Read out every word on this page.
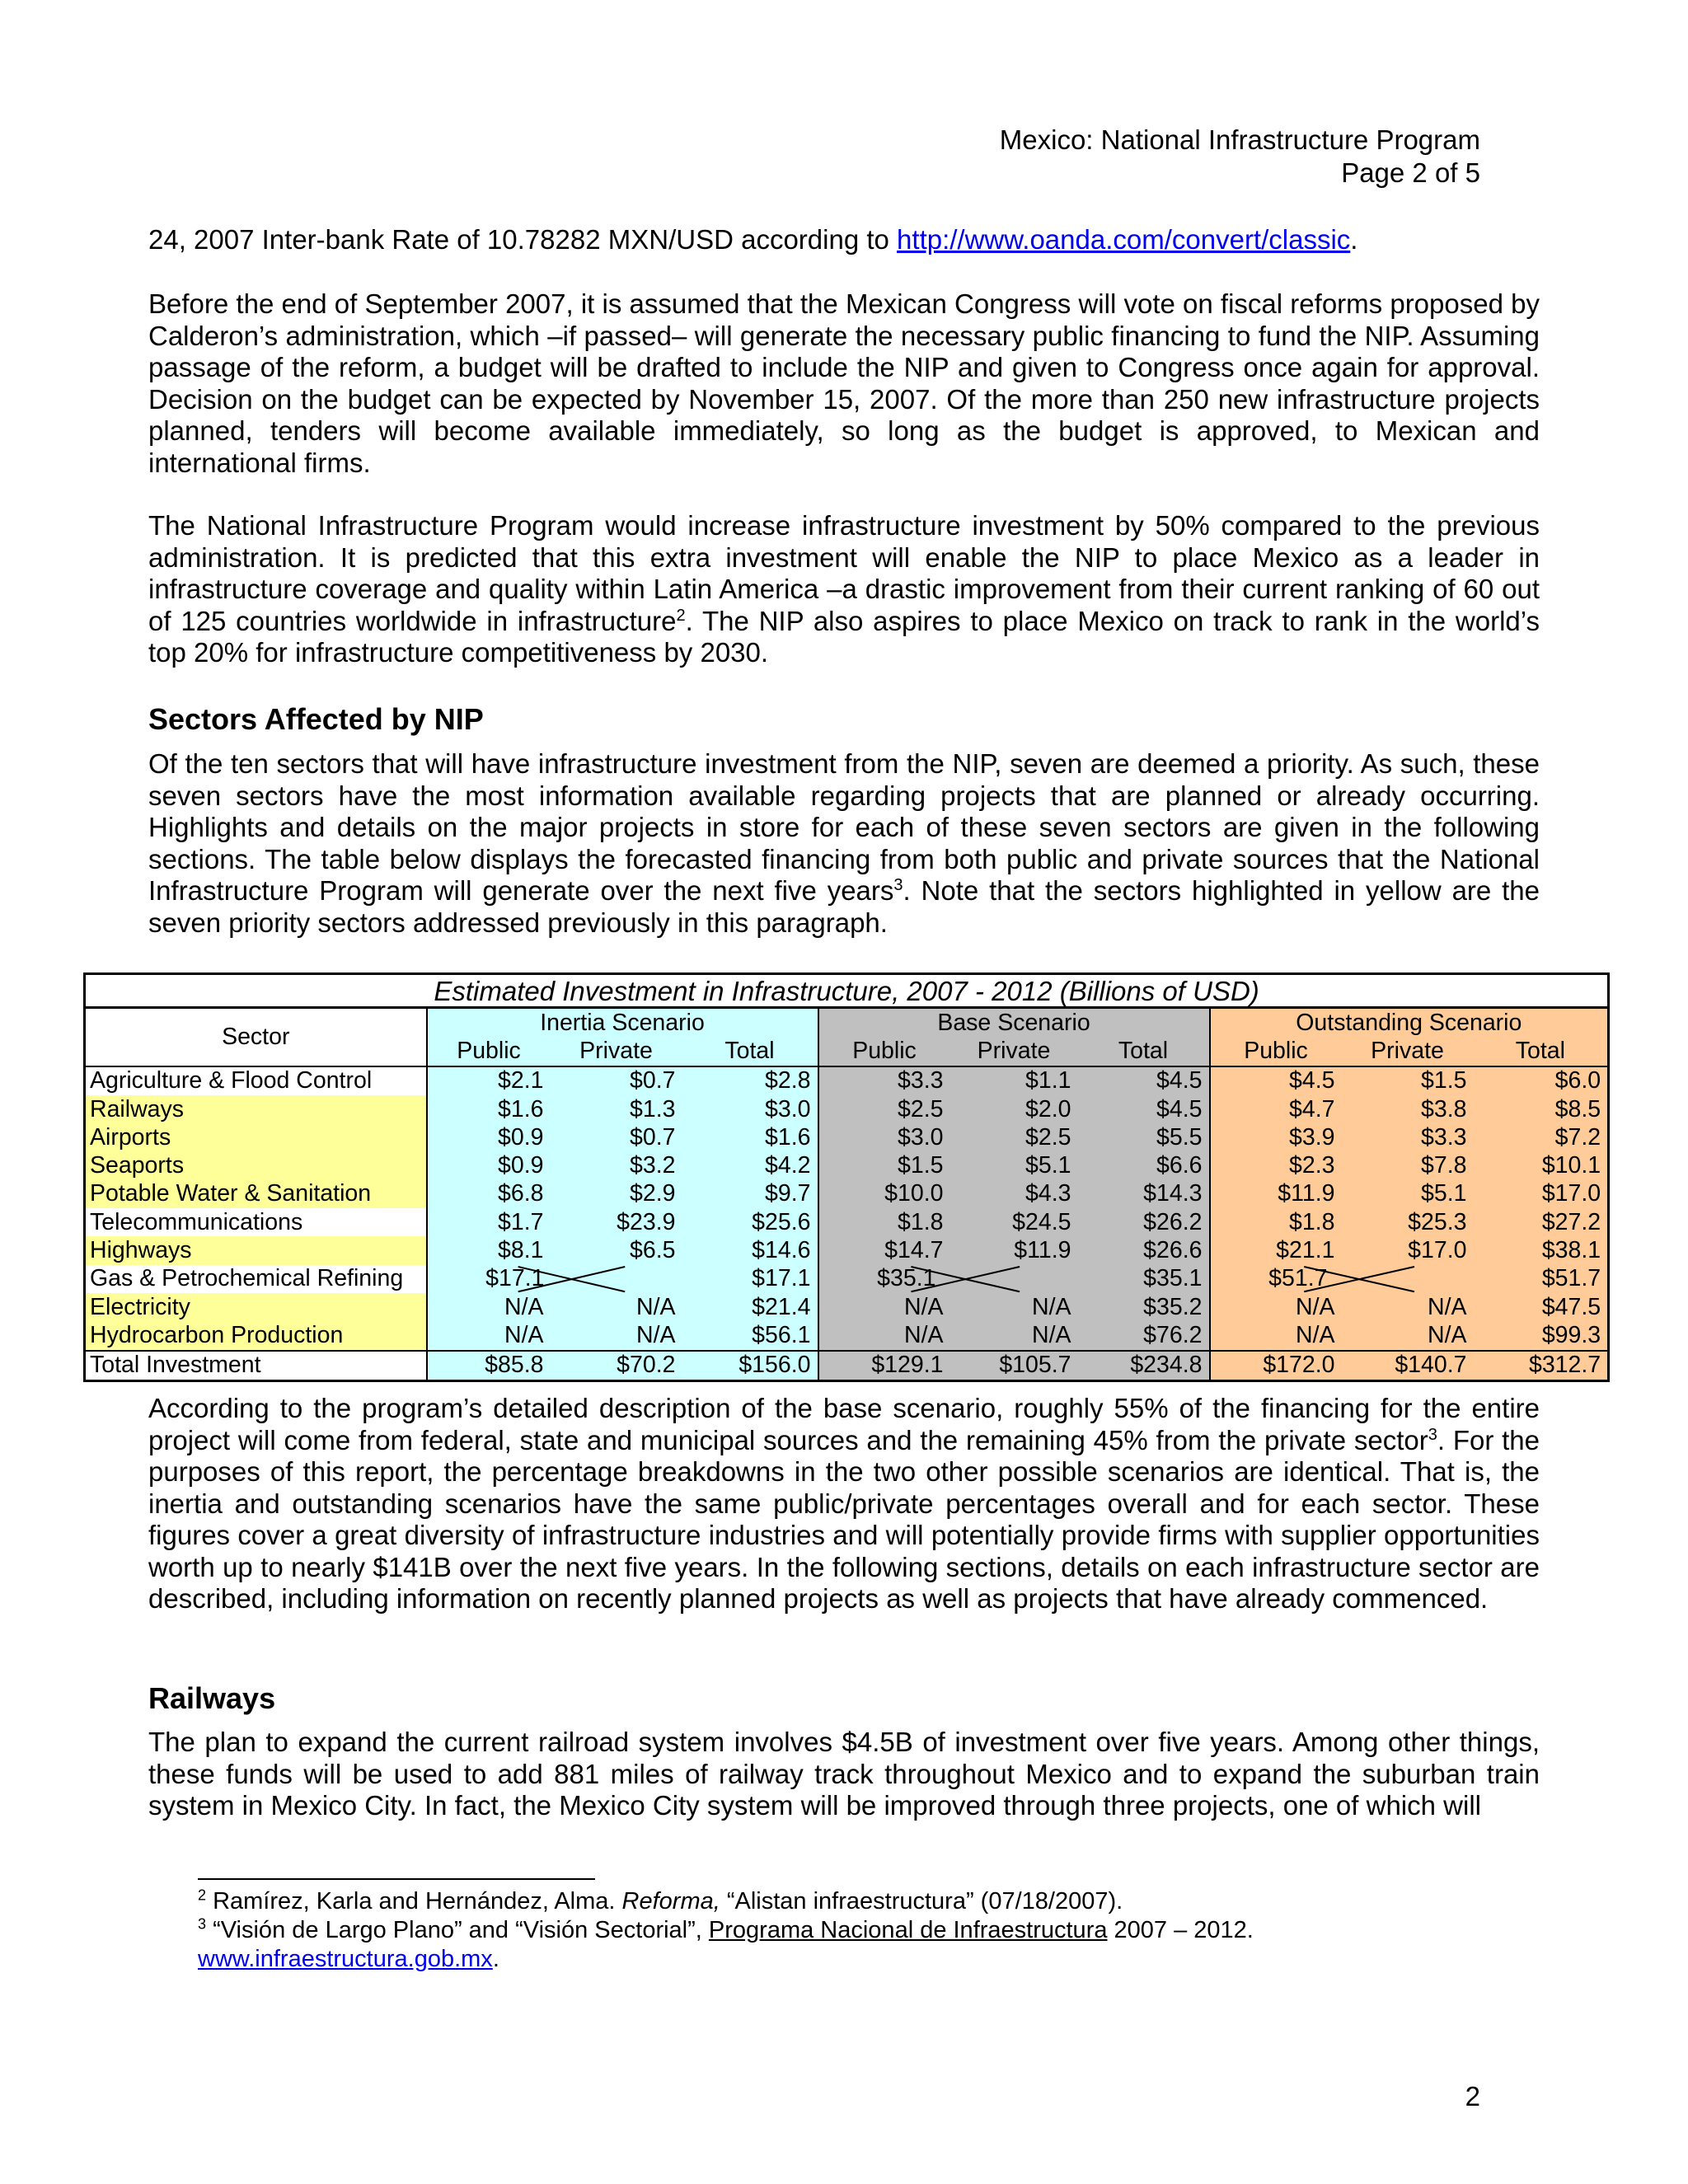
Mexico: National Infrastructure Program
Page 2 of 5

24, 2007 Inter-bank Rate of 10.78282 MXN/USD according to http://www.oanda.com/convert/classic.

Before the end of September 2007, it is assumed that the Mexican Congress will vote on fiscal reforms proposed by Calderon’s administration, which –if passed– will generate the necessary public financing to fund the NIP. Assuming passage of the reform, a budget will be drafted to include the NIP and given to Congress once again for approval. Decision on the budget can be expected by November 15, 2007. Of the more than 250 new infrastructure projects planned, tenders will become available immediately, so long as the budget is approved, to Mexican and international firms.

The National Infrastructure Program would increase infrastructure investment by 50% compared to the previous administration. It is predicted that this extra investment will enable the NIP to place Mexico as a leader in infrastructure coverage and quality within Latin America –a drastic improvement from their current ranking of 60 out of 125 countries worldwide in infrastructure$^2$. The NIP also aspires to place Mexico on track to rank in the world’s top 20% for infrastructure competitiveness by 2030.

Sectors Affected by NIP

Of the ten sectors that will have infrastructure investment from the NIP, seven are deemed a priority. As such, these seven sectors have the most information available regarding projects that are planned or already occurring. Highlights and details on the major projects in store for each of these seven sectors are given in the following sections. The table below displays the forecasted financing from both public and private sources that the National Infrastructure Program will generate over the next five years$^3$. Note that the sectors highlighted in yellow are the seven priority sectors addressed previously in this paragraph.

Estimated Investment in Infrastructure, 2007 - 2012 (Billions of USD)									
Sector	Inertia Scenario			Base Scenario			Outstanding Scenario		
	Public	Private	Total	Public	Private	Total	Public	Private	Total
Agriculture & Flood Control	$2.1	$0.7	$2.8	$3.3	$1.1	$4.5	$4.5	$1.5	$6.0
Railways	$1.6	$1.3	$3.0	$2.5	$2.0	$4.5	$4.7	$3.8	$8.5
Airports	$0.9	$0.7	$1.6	$3.0	$2.5	$5.5	$3.9	$3.3	$7.2
Seaports	$0.9	$3.2	$4.2	$1.5	$5.1	$6.6	$2.3	$7.8	$10.1
Potable Water & Sanitation	$6.8	$2.9	$9.7	$10.0	$4.3	$14.3	$11.9	$5.1	$17.0
Telecommunications	$1.7	$23.9	$25.6	$1.8	$24.5	$26.2	$1.8	$25.3	$27.2
Highways	$8.1	$6.5	$14.6	$14.7	$11.9	$26.6	$21.1	$17.0	$38.1
Gas & Petrochemical Refining	$17.1		$17.1	$35.1		$35.1	$51.7		$51.7
Electricity	N/A	N/A	$21.4	N/A	N/A	$35.2	N/A	N/A	$47.5
Hydrocarbon Production	N/A	N/A	$56.1	N/A	N/A	$76.2	N/A	N/A	$99.3
Total Investment	$85.8	$70.2	$156.0	$129.1	$105.7	$234.8	$172.0	$140.7	$312.7

According to the program’s detailed description of the base scenario, roughly 55% of the financing for the entire project will come from federal, state and municipal sources and the remaining 45% from the private sector$^3$. For the purposes of this report, the percentage breakdowns in the two other possible scenarios are identical. That is, the inertia and outstanding scenarios have the same public/private percentages overall and for each sector. These figures cover a great diversity of infrastructure industries and will potentially provide firms with supplier opportunities worth up to nearly $141B over the next five years. In the following sections, details on each infrastructure sector are described, including information on recently planned projects as well as projects that have already commenced.

Railways

The plan to expand the current railroad system involves $4.5B of investment over five years. Among other things, these funds will be used to add 881 miles of railway track throughout Mexico and to expand the suburban train system in Mexico City. In fact, the Mexico City system will be improved through three projects, one of which will

$^2$ Ramírez, Karla and Hernández, Alma. Reforma, “Alistan infraestructura” (07/18/2007).

$^3$ “Visión de Largo Plano” and “Visión Sectorial”, Programa Nacional de Infraestructura 2007 – 2012.

www.infraestructura.gob.mx.

2
